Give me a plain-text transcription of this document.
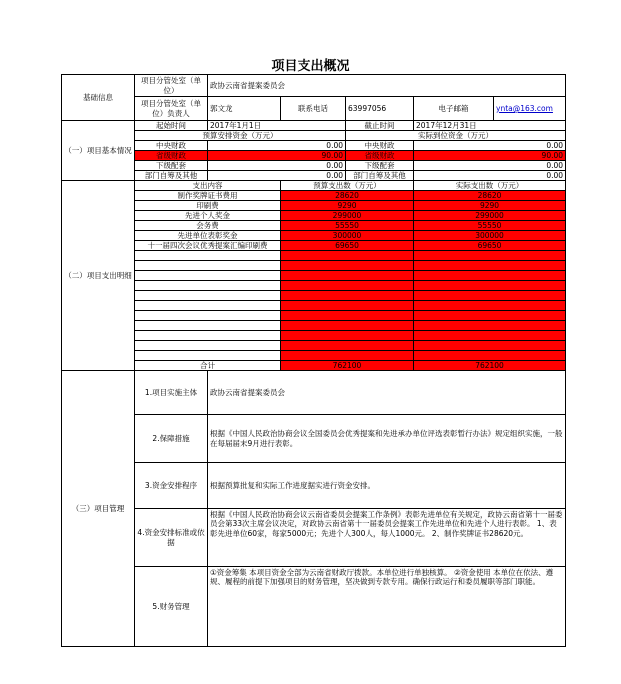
项目支出概况
基础信息	项目分管处室（单位）	政协云南省提案委员会				
	项目分管处室（单位）负责人	郭文龙	联系电话	63997056	电子邮箱	ynta@163.com
（一）项目基本情况	起始时间	2017年1月1日		截止时间	2017年12月31日	
	预算安排资金（万元）			实际到位资金（万元）		
	中央财政	0.00		中央财政	0.00	
	省级财政	90.00		省级财政	90.00	
	下级配套	0.00		下级配套	0.00	
	部门自筹及其他	0.00		部门自筹及其他	0.00	
（二）项目支出明细	支出内容		预算支出数（万元）		实际支出数（万元）	
	制作奖牌证书费用		28620		28620	
	印刷费		9290		9290	
	先进个人奖金		299000		299000	
	会务费		55550		55550	
	先进单位表彰奖金		300000		300000	
	十一届四次会议优秀提案汇编印刷费		69650		69650	

	合计		762100		762100	
（三）项目管理	1.项目实施主体	政协云南省提案委员会				
	2.保障措施	根据《中国人民政治协商会议全国委员会优秀提案和先进承办单位评选表彰暂行办法》规定组织实施，一般在每届届末9月进行表彰。				
	3.资金安排程序	根据预算批复和实际工作进度据实进行资金安排。				
	4.资金安排标准或依据	根据《中国人民政治协商会议云南省委员会提案工作条例》表彰先进单位有关规定，政协云南省第十一届委员会第33次主席会议决定，对政协云南省第十一届委员会提案工作先进单位和先进个人进行表彰。 1、表彰先进单位60家，每家5000元；先进个人300人，每人1000元。 2、制作奖牌证书28620元。				
	5.财务管理	①资金筹集 本项目资金全部为云南省财政厅拨款。本单位进行单独核算。 ②资金使用 本单位在依法、遵规、履程的前提下加强项目的财务管理，坚决做到专款专用。确保行政运行和委员履职等部门职能。				
